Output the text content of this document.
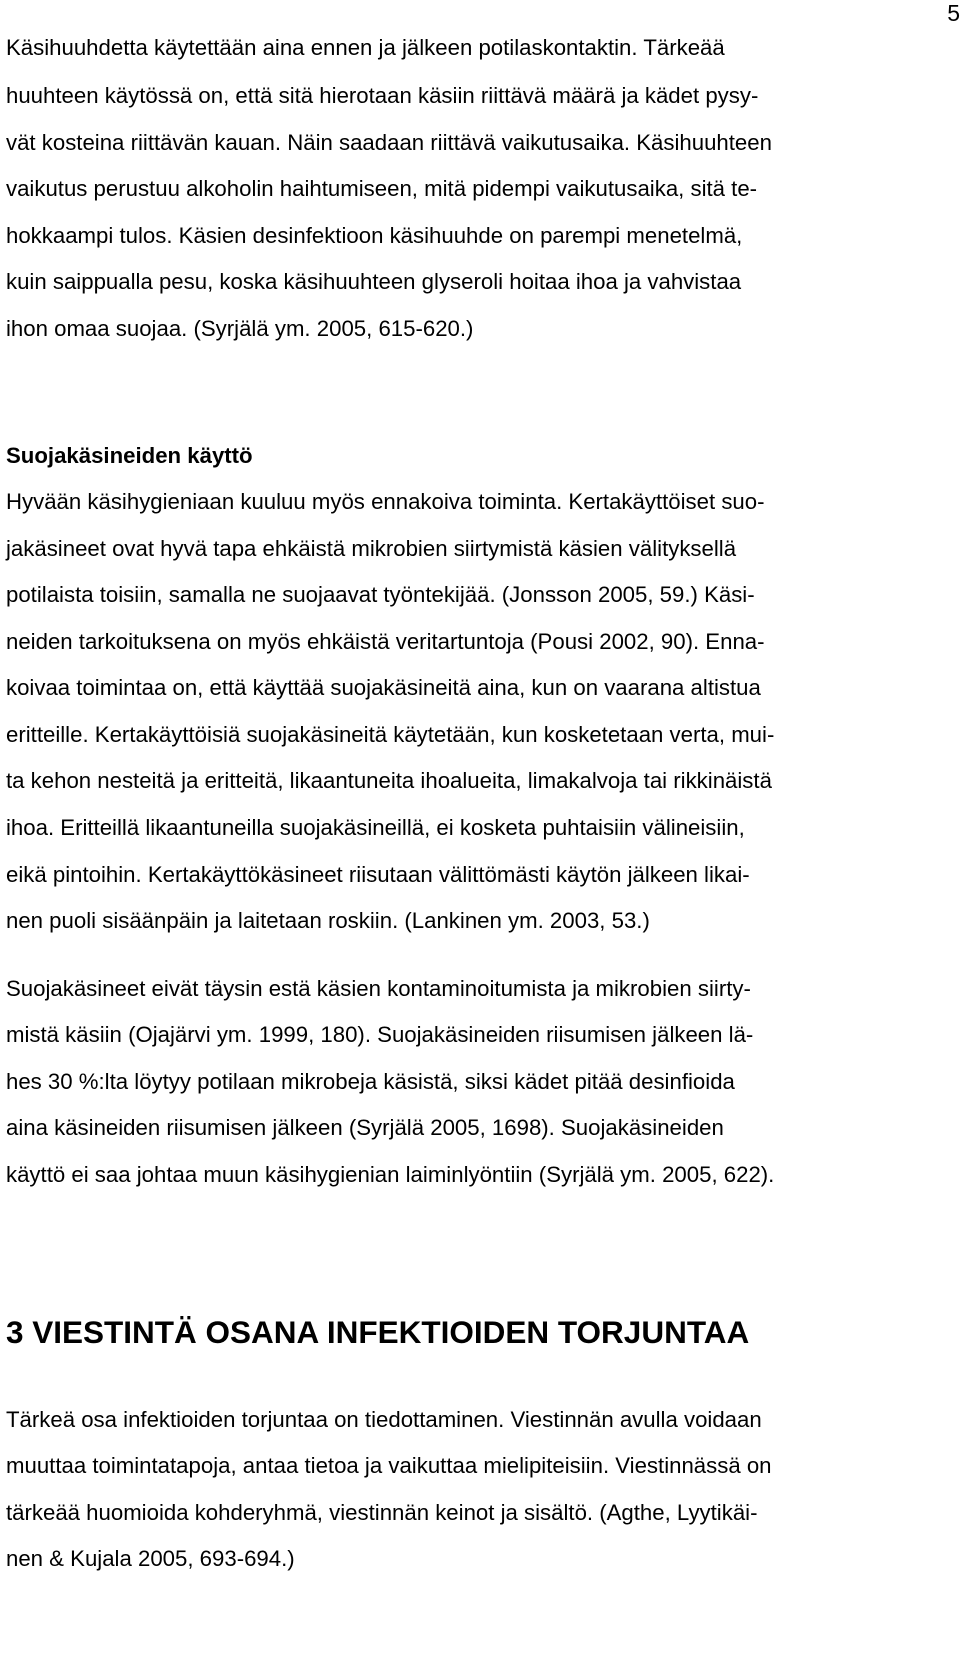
5
Käsihuuhdetta käytettään aina ennen ja jälkeen potilaskontaktin. Tärkeää
huuhteen käytössä on, että sitä hierotaan käsiin riittävä määrä ja kädet pysy-
vät kosteina riittävän kauan. Näin saadaan riittävä vaikutusaika. Käsihuuhteen
vaikutus perustuu alkoholin haihtumiseen, mitä pidempi vaikutusaika, sitä te-
hokkaampi tulos. Käsien desinfektioon käsihuuhde on parempi menetelmä,
kuin saippualla pesu, koska käsihuuhteen glyseroli hoitaa ihoa ja vahvistaa
ihon omaa suojaa. (Syrjälä ym. 2005, 615-620.)
Suojakäsineiden käyttö
Hyvään käsihygieniaan kuuluu myös ennakoiva toiminta. Kertakäyttöiset suo-
jakäsineet ovat hyvä tapa ehkäistä mikrobien siirtymistä käsien välityksellä
potilaista toisiin, samalla ne suojaavat työntekijää. (Jonsson 2005, 59.) Käsi-
neiden tarkoituksena on myös ehkäistä veritartuntoja (Pousi 2002, 90). Enna-
koivaa toimintaa on, että käyttää suojakäsineitä aina, kun on vaarana altistua
eritteille. Kertakäyttöisiä suojakäsineitä käytetään, kun kosketetaan verta, mui-
ta kehon nesteitä ja eritteitä, likaantuneita ihoalueita, limakalvoja tai rikkinäistä
ihoa. Eritteillä likaantuneilla suojakäsineillä, ei kosketa puhtaisiin välineisiin,
eikä pintoihin. Kertakäyttökäsineet riisutaan välittömästi käytön jälkeen likai-
nen puoli sisäänpäin ja laitetaan roskiin. (Lankinen ym. 2003, 53.)
Suojakäsineet eivät täysin estä käsien kontaminoitumista ja mikrobien siirty-
mistä käsiin (Ojajärvi ym. 1999, 180). Suojakäsineiden riisumisen jälkeen lä-
hes 30 %:lta löytyy potilaan mikrobeja käsistä, siksi kädet pitää desinfioida
aina käsineiden riisumisen jälkeen (Syrjälä 2005, 1698). Suojakäsineiden
käyttö ei saa johtaa muun käsihygienian laiminlyöntiin (Syrjälä ym. 2005, 622).
3 VIESTINTÄ OSANA INFEKTIOIDEN TORJUNTAA
Tärkeä osa infektioiden torjuntaa on tiedottaminen. Viestinnän avulla voidaan
muuttaa toimintatapoja, antaa tietoa ja vaikuttaa mielipiteisiin. Viestinnässä on
tärkeää huomioida kohderyhmä, viestinnän keinot ja sisältö. (Agthe, Lyytikäi-
nen & Kujala 2005, 693-694.)
